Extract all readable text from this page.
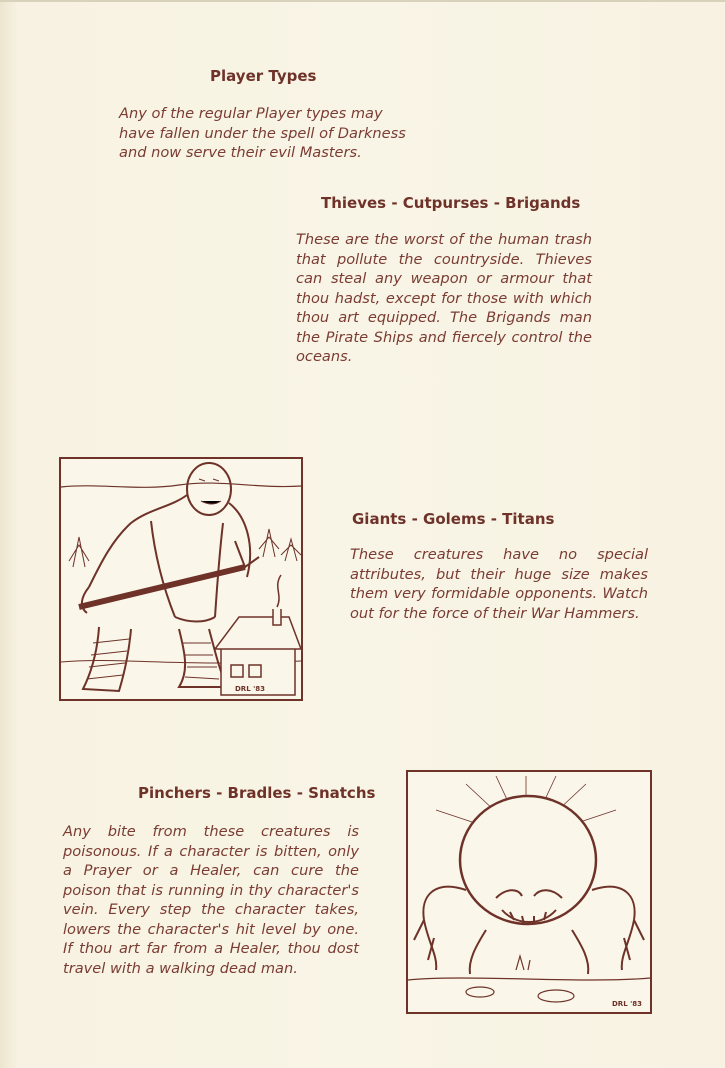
Player Types

Any of the regular Player types may have fallen under the spell of Darkness and now serve their evil Masters.

Thieves - Cutpurses - Brigands

These are the worst of the human trash that pollute the countryside. Thieves can steal any weapon or armour that thou hadst, except for those with which thou art equipped. The Brigands man the Pirate Ships and fiercely control the oceans.

DRL '83
Giants - Golems - Titans

These creatures have no special attributes, but their huge size makes them very formidable opponents. Watch out for the force of their War Hammers.

Pinchers - Bradles - Snatchs

Any bite from these creatures is poisonous. If a character is bitten, only a Prayer or a Healer, can cure the poison that is running in thy character's vein. Every step the character takes, lowers the character's hit level by one. If thou art far from a Healer, thou dost travel with a walking dead man.

DRL '83
